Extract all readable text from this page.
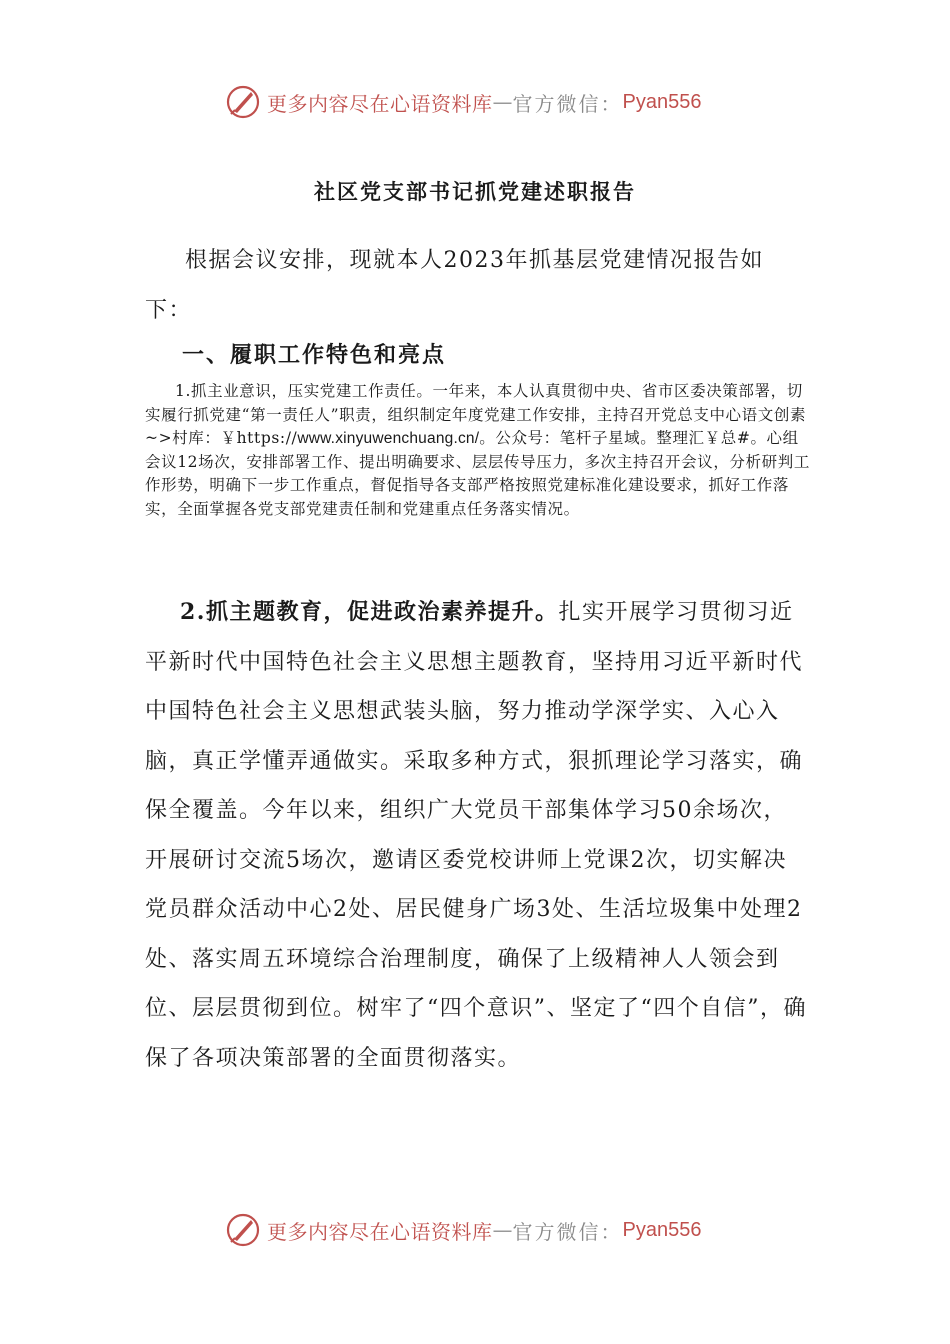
更多内容尽在心语资料库 — 官方微信： Pyan556
社区党支部书记抓党建述职报告

根据会议安排，现就本人2023年抓基层党建情况报告如下：

一、履职工作特色和亮点

1.抓主业意识，压实党建工作责任。一年来，本人认真贯彻中央、省市区委决策部署，切实履行抓党建“第一责任人”职责，组织制定年度党建工作安排，主持召开党总支中心语文创素~>村库：￥https://www.xinyuwenchuang.cn/。公众号：笔杆子星域。整理汇￥总#。心组会议12场次，安排部署工作、提出明确要求、层层传导压力，多次主持召开会议，分析研判工作形势，明确下一步工作重点，督促指导各支部严格按照党建标准化建设要求，抓好工作落实，全面掌握各党支部党建责任制和党建重点任务落实情况。

2.抓主题教育，促进政治素养提升。扎实开展学习贯彻习近平新时代中国特色社会主义思想主题教育，坚持用习近平新时代中国特色社会主义思想武装头脑，努力推动学深学实、入心入脑，真正学懂弄通做实。采取多种方式，狠抓理论学习落实，确保全覆盖。今年以来，组织广大党员干部集体学习50余场次，开展研讨交流5场次，邀请区委党校讲师上党课2次，切实解决党员群众活动中心2处、居民健身广场3处、生活垃圾集中处理2处、落实周五环境综合治理制度，确保了上级精神人人领会到位、层层贯彻到位。树牢了“四个意识”、坚定了“四个自信”，确保了各项决策部署的全面贯彻落实。

更多内容尽在心语资料库 — 官方微信： Pyan556
